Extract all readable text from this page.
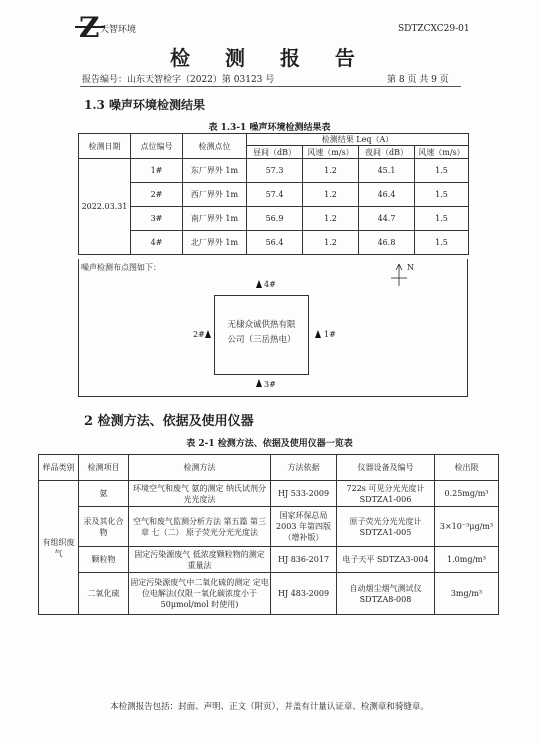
天智环境	SDTZCXC29-01
检 测 报 告
报告编号：山东天智检字（2022）第 03123 号	第 8 页 共 9 页
1.3 噪声环境检测结果
表 1.3-1 噪声环境检测结果表
检测日期	点位编号	检测点位	检测结果 Leq（A）			
			昼间（dB）	风速（m/s）	夜间（dB）	风速（m/s）
2022.03.31	1#	东厂界外 1m	57.3	1.2	45.1	1.5
	2#	西厂界外 1m	57.4	1.2	46.4	1.5
	3#	南厂界外 1m	56.9	1.2	44.7	1.5
	4#	北厂界外 1m	56.4	1.2	46.8	1.5
噪声检测布点图如下：	N
无棣众诚供热有限
公司（三岳热电）
4#
2#	1#
3#
2 检测方法、依据及使用仪器
表 2-1 检测方法、依据及使用仪器一览表
样品类别	检测项目	检测方法	方法依据	仪器设备及编号	检出限
有组织废气	氨	环境空气和废气 氨的测定 纳氏试剂分光光度法	HJ 533-2009	722s 可见分光光度计 SDTZA1-006	0.25mg/m³
	汞及其化合物	空气和废气监测分析方法 第五篇 第三章 七（二） 原子荧光分光光度法	国家环保总局 2003 年第四版（增补版）	原子荧光分光光度计 SDTZA1-005	3×10⁻³μg/m³
	颗粒物	固定污染源废气 低浓度颗粒物的测定 重量法	HJ 836-2017	电子天平 SDTZA3-004	1.0mg/m³
	二氧化硫	固定污染源废气中二氧化硫的测定 定电位电解法(仅限一氧化碳浓度小于 50μmol/mol 时使用)	HJ 483-2009	自动烟尘烟气测试仪 SDTZA8-008	3mg/m³
本检测报告包括：封面、声明、正文（附页），并盖有计量认证章、检测章和骑缝章。
